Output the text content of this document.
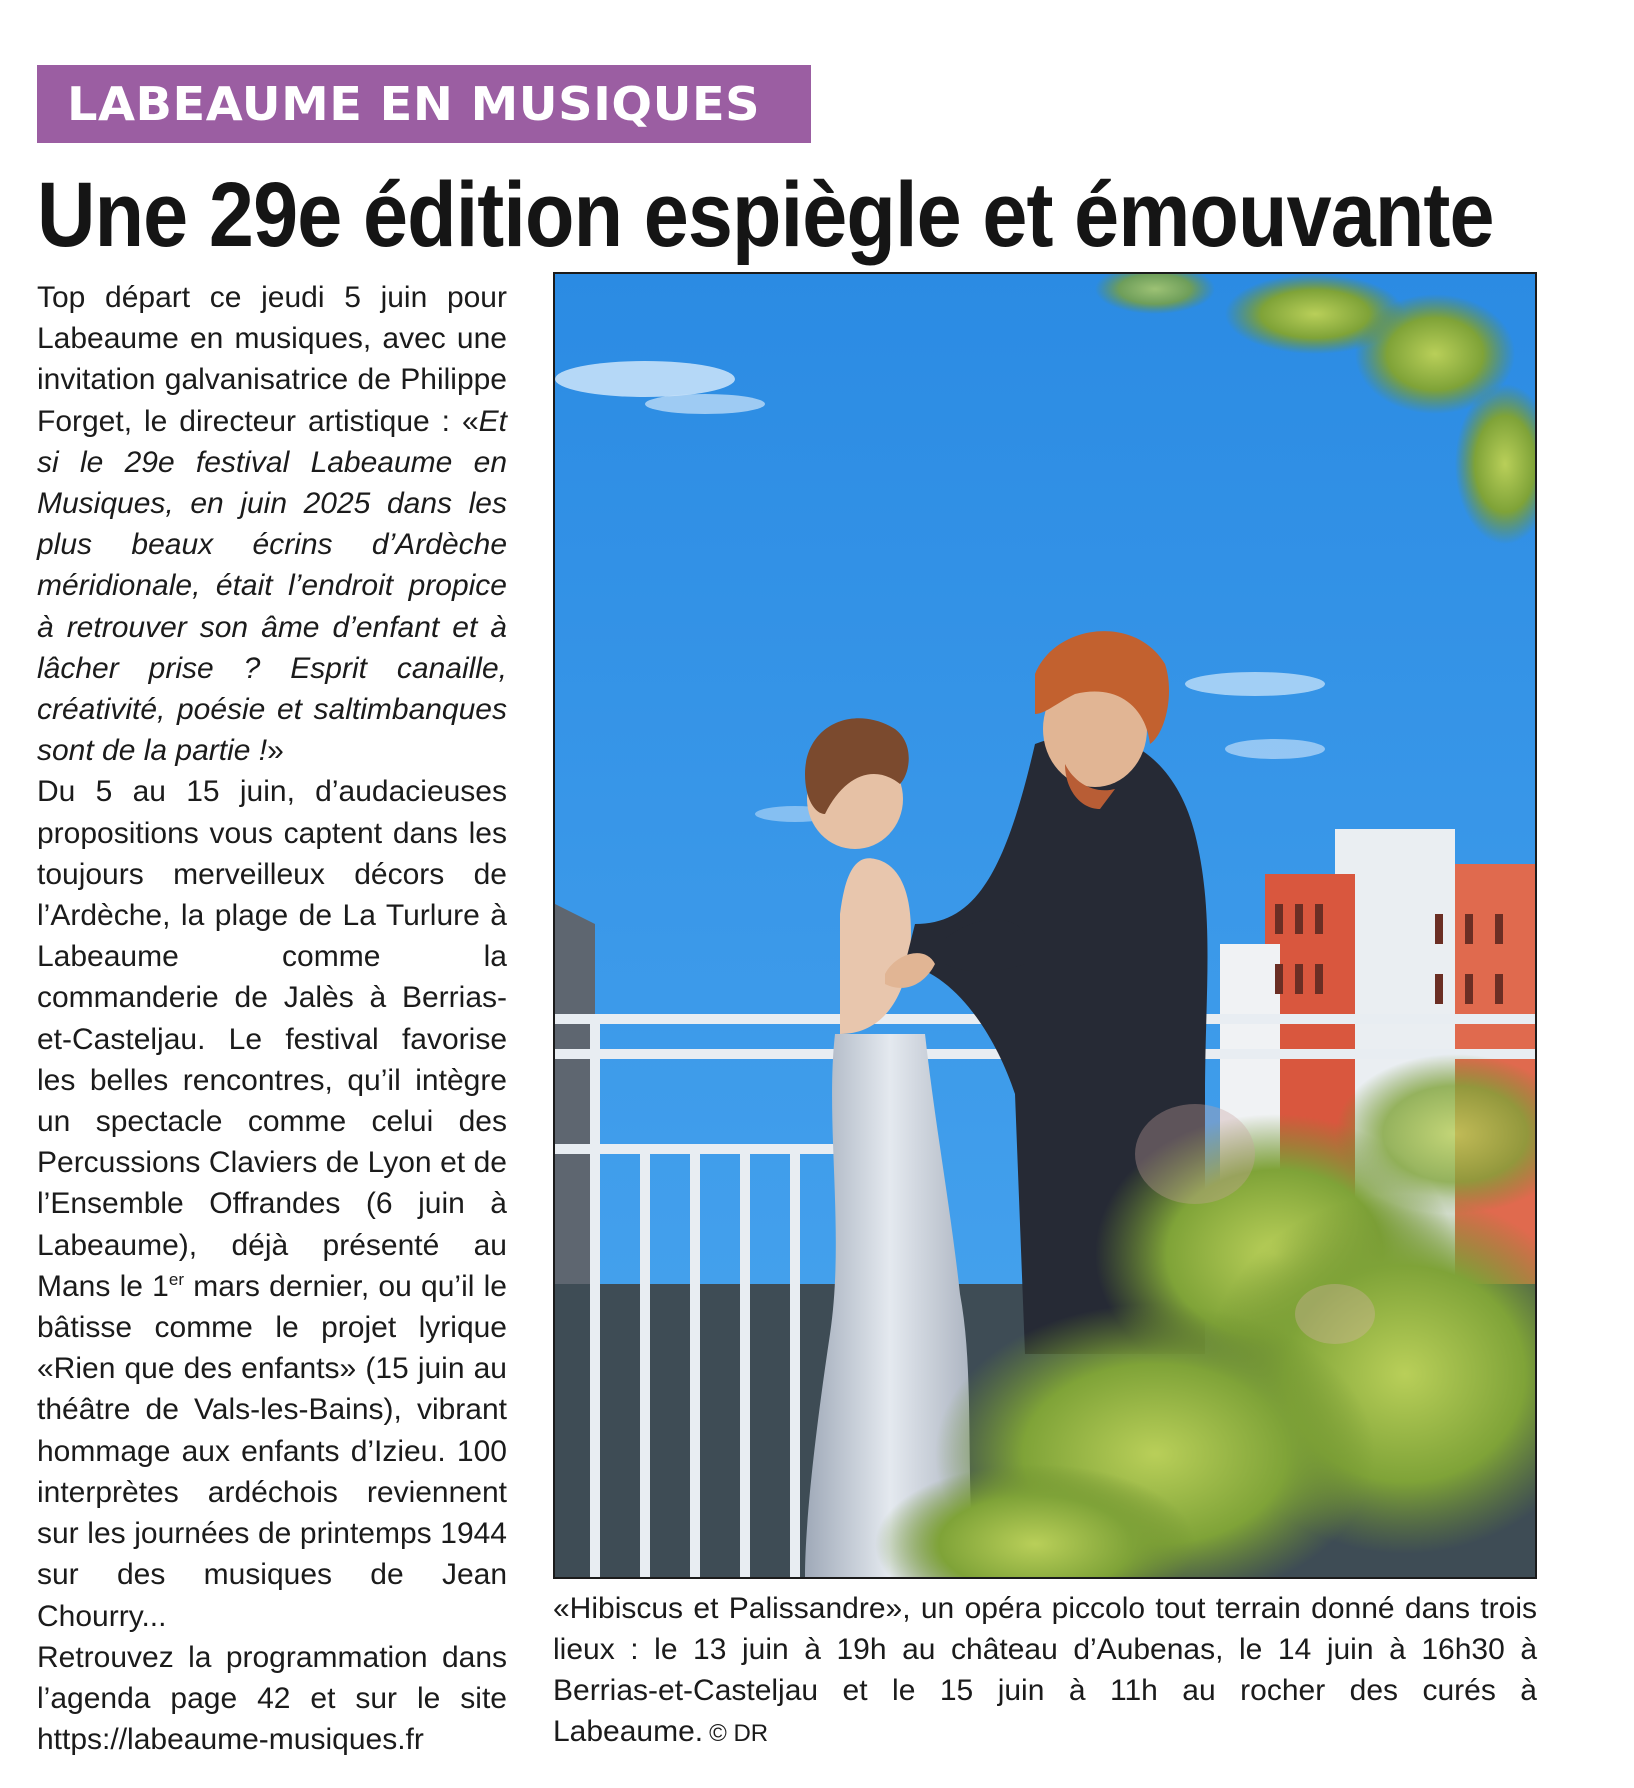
LABEAUME EN MUSIQUES
Une 29e édition espiègle et émouvante

Top départ ce jeudi 5 juin pour Labeaume en musiques, avec une invitation galvanisatrice de Philippe Forget, le directeur artistique : «Et si le 29e festival Labeaume en Musiques, en juin 2025 dans les plus beaux écrins d’Ardèche méridionale, était l’endroit propice à retrouver son âme d’enfant et à lâcher prise ? Esprit canaille, créativité, poésie et saltimbanques sont de la partie !»

Du 5 au 15 juin, d’audacieuses propositions vous captent dans les toujours merveilleux décors de l’Ardèche, la plage de La Turlure à Labeaume comme la commanderie de Jalès à Berrias-et-Casteljau. Le festival favorise les belles rencontres, qu’il intègre un spectacle comme celui des Percussions Claviers de Lyon et de l’Ensemble Offrandes (6 juin à Labeaume), déjà présenté au Mans le 1er mars dernier, ou qu’il le bâtisse comme le projet lyrique «Rien que des enfants» (15 juin au théâtre de Vals-les-Bains), vibrant hommage aux enfants d’Izieu. 100 interprètes ardéchois reviennent sur les journées de printemps 1944 sur des musiques de Jean Chourry...

Retrouvez la programmation dans l’agenda page 42 et sur le site https://labeaume-musiques.fr

«Hibiscus et Palissandre», un opéra piccolo tout terrain donné dans trois lieux : le 13 juin à 19h au château d’Aubenas, le 14 juin à 16h30 à Berrias-et-Casteljau et le 15 juin à 11h au rocher des curés à Labeaume. © DR
